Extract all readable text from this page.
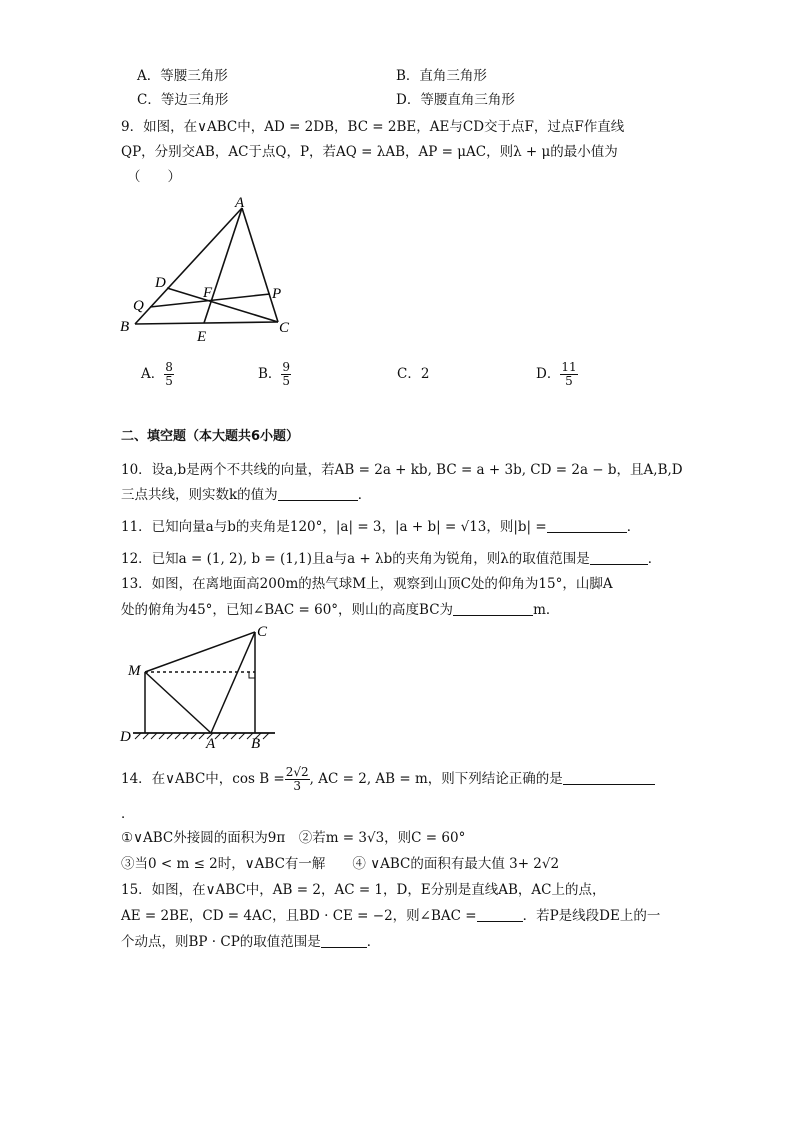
A．等腰三角形	B．直角三角形
C．等边三角形	D．等腰直角三角形
9．如图，在∨ABC中，AD = 2DB，BC = 2BE，AE与CD交于点F，过点F作直线
QP，分别交AB，AC于点Q，P，若AQ = λAB，AP = μAC，则λ + μ的最小值为
（　　）
A
D
F	P
Q
B
E
C
A． $\frac{8}{5}$	B． $\frac{9}{5}$	C．2	D． $\frac{11}{5}$
二、填空题（本大题共6小题）
10．设a,b是两个不共线的向量，若AB = 2a + kb, BC = a + 3b, CD = 2a − b，且A,B,D
三点共线，则实数k的值为	．
11．已知向量a与b的夹角是120°，|a| = 3，|a + b| = √13，则|b| =	．
12．已知a = (1, 2), b = (1,1)且a与a + λb的夹角为锐角，则λ的取值范围是	．
13．如图，在离地面高200m的热气球M上，观察到山顶C处的仰角为15°，山脚A
处的俯角为45°，已知∠BAC = 60°，则山的高度BC为	m．
C
M
D	A B
14．在∨ABC中，$\cos B = \frac{2√2}{3}$ , AC = 2, AB = m，则下列结论正确的是
．
①∨ABC外接圆的面积为9π　②若m = 3√3，则C = 60°
③当0 < m ≤ 2时，∨ABC有一解　　④ ∨ABC的面积有最大值 3+ 2√2
15．如图，在∨ABC中，AB = 2，AC = 1，D，E分别是直线AB，AC上的点，
AE = 2BE，CD = 4AC，且BD · CE = −2，则∠BAC =	．若P是线段DE上的一
个动点，则BP · CP的取值范围是	．
